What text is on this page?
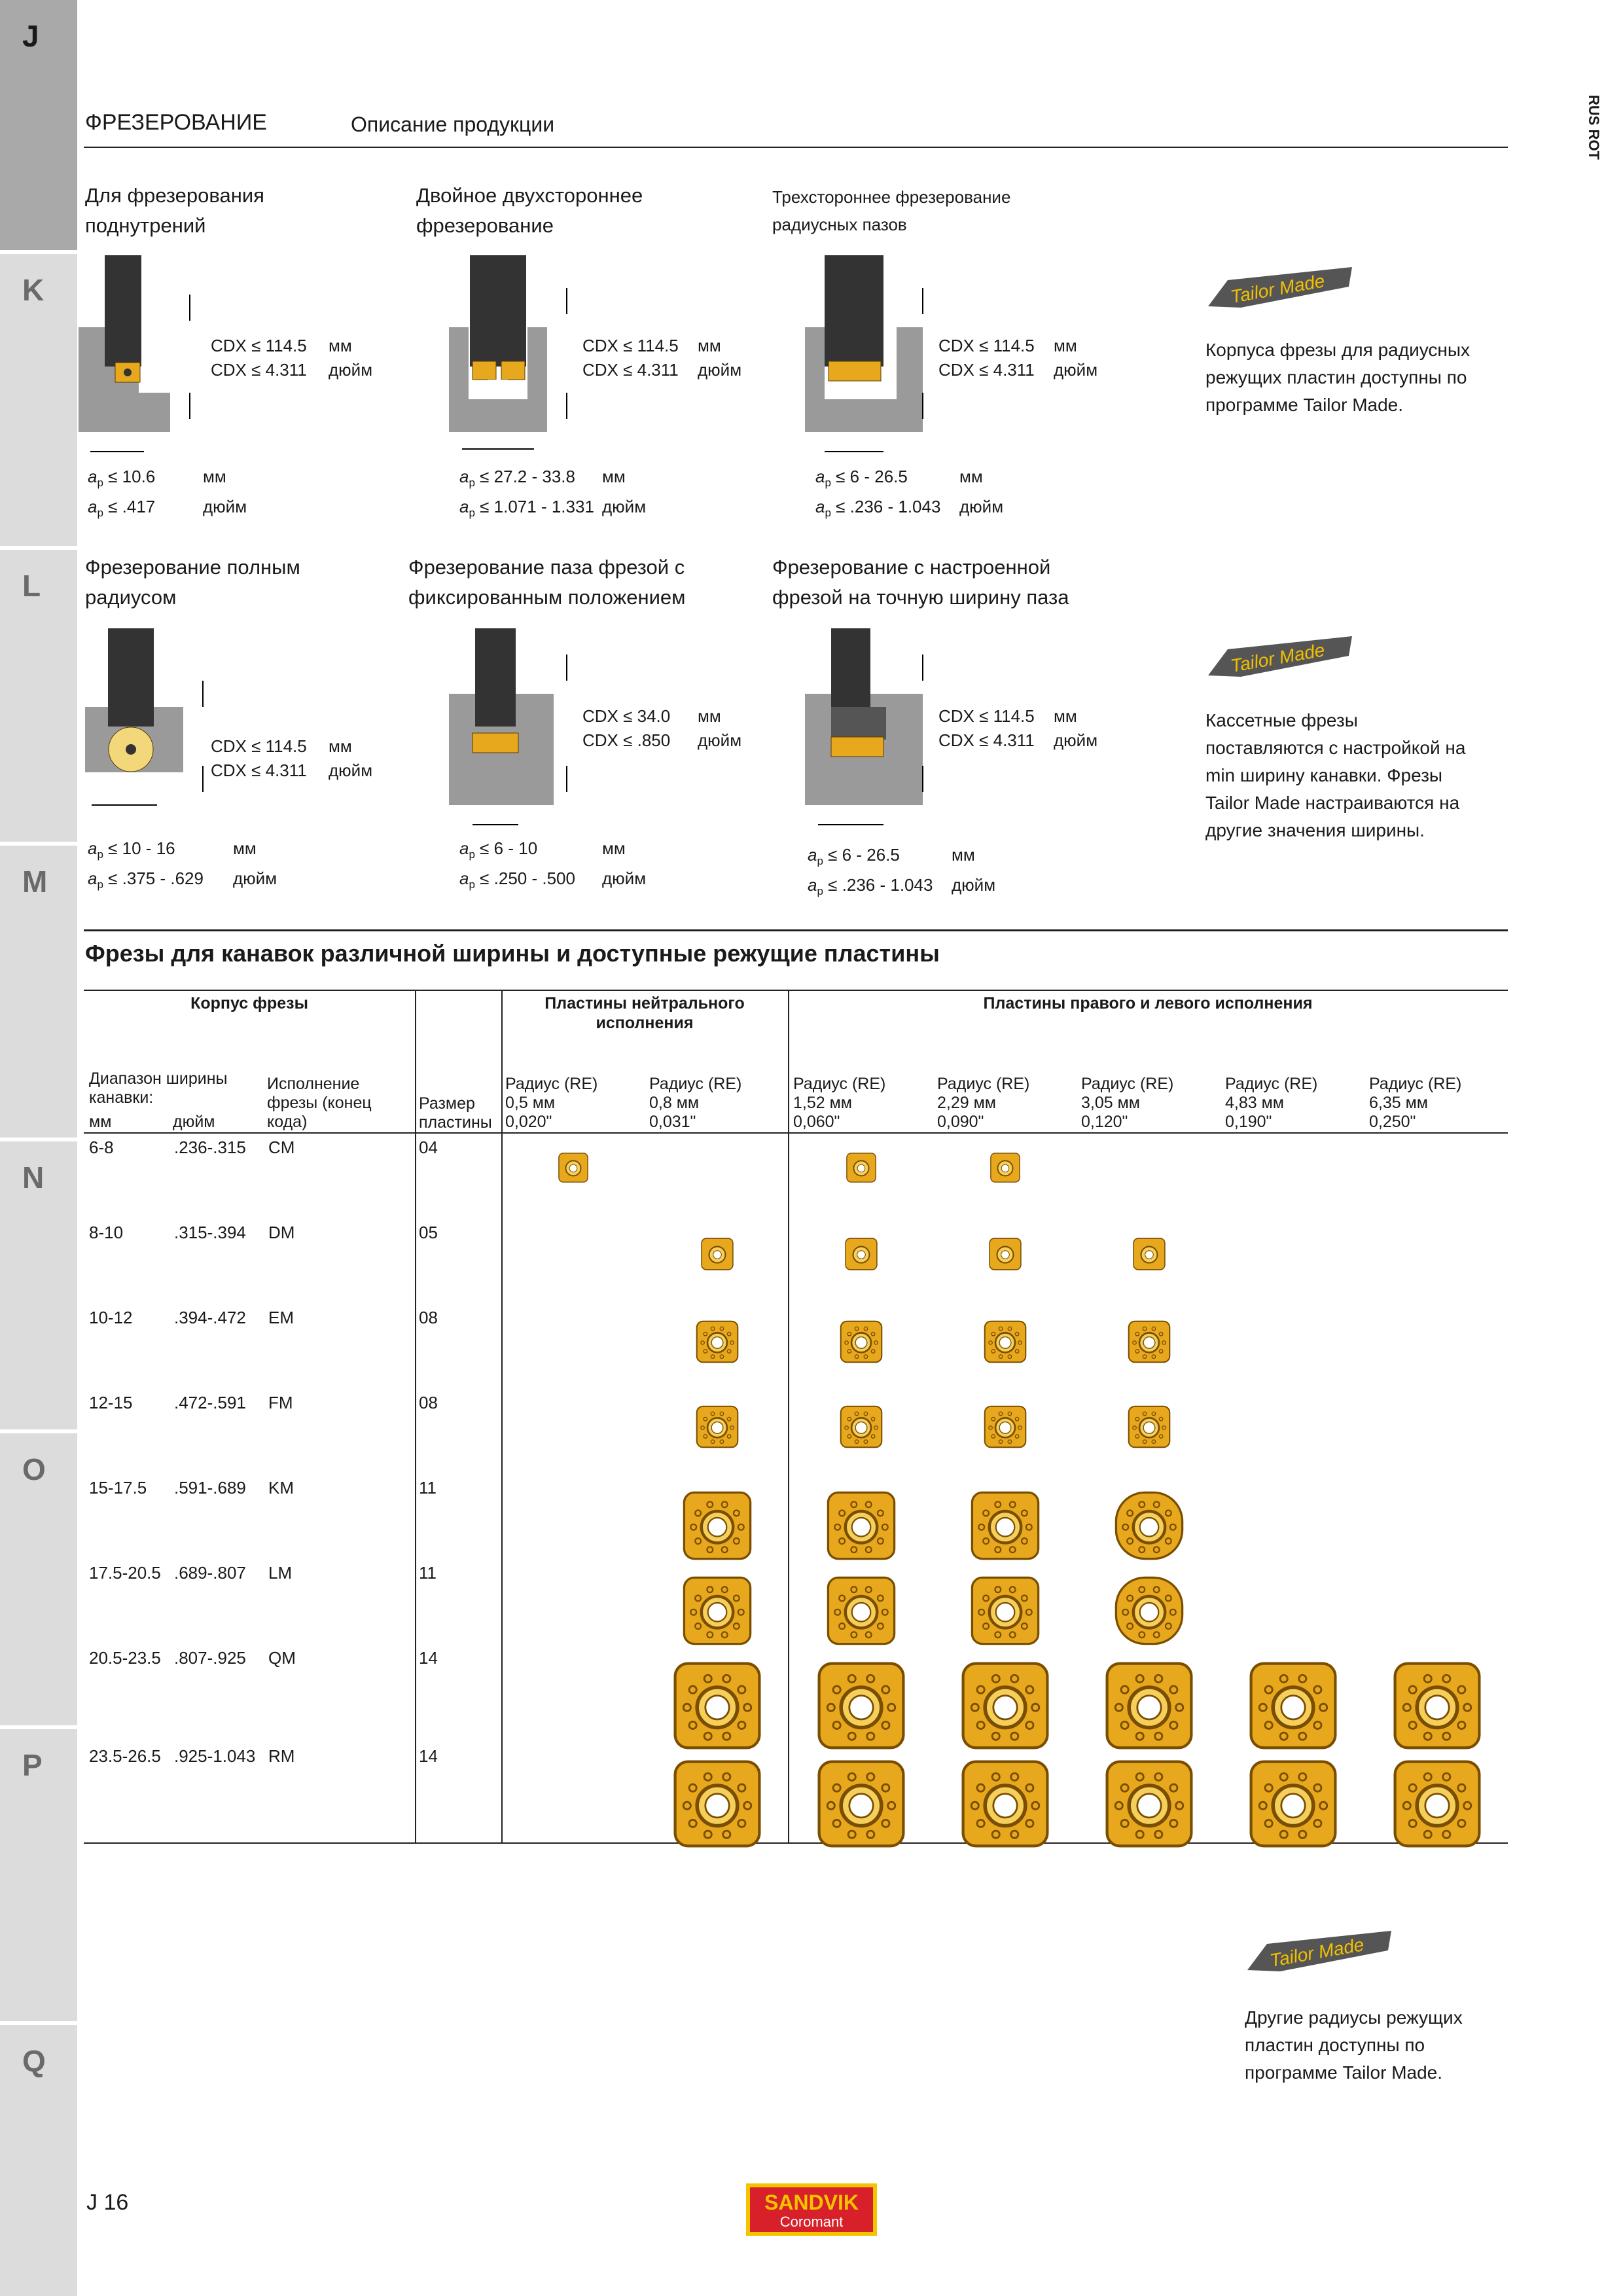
J
K
L
M
N
O
P
Q
RUS ROT
ФРЕЗЕРОВАНИЕ	Описание продукции
Для фрезерования
поднутрений
Двойное двухстороннее
фрезерование
Трехстороннее фрезерование
радиусных пазов
Фрезерование полным
радиусом
Фрезерование паза фрезой с
фиксированным положением
Фрезерование с настроенной
фрезой на точную ширину паза
CDX ≤ 114.5 мм
CDX ≤ 4.311 дюйм
CDX ≤ 114.5 мм
CDX ≤ 4.311 дюйм
CDX ≤ 114.5 мм
CDX ≤ 4.311 дюйм
CDX ≤ 114.5 мм
CDX ≤ 4.311 дюйм
CDX ≤ 34.0 мм
CDX ≤ .850 дюйм
CDX ≤ 114.5 мм
CDX ≤ 4.311 дюйм
$a_p \le 10.6$	мм
$a_p \le .417$	дюйм
$a_p \le 27.2 - 33.8$ мм
$a_p \le 1.071 - 1.331$ дюйм
$a_p \le 6 - 26.5$	мм
$a_p \le .236 - 1.043$ дюйм
$a_p \le 10 - 16$	мм
$a_p \le .375 - .629$ дюйм
$a_p \le 6 - 10$	мм
$a_p \le .250 - .500$ дюйм
$a_p \le 6 - 26.5$	мм
$a_p \le .236 - 1.043$ дюйм
Tailor Made
Корпуса фрезы для радиусных
режущих пластин доступны по
программе Tailor Made.
Tailor Made
Кассетные фрезы
поставляются с настройкой на
min ширину канавки. Фрезы
Tailor Made настраиваются на
другие значения ширины.
Tailor Made
Другие радиусы режущих
пластин доступны по
программе Tailor Made.
Фрезы для канавок различной ширины и доступные режущие пластины
Корпус фрезы	Пластины нейтрального
исполнения
Пластины правого и левого исполнения
Диапазон ширины
канавки:
мм	дюйм
Исполнение
фрезы (конец
кода)
Размер
пластины
Радиус (RE)
0,5 мм
0,020"
Радиус (RE)
0,8 мм
0,031"
Радиус (RE)
1,52 мм
0,060"
Радиус (RE)
2,29 мм
0,090"
Радиус (RE)
3,05 мм
0,120"
Радиус (RE)
4,83 мм
0,190"
Радиус (RE)
6,35 мм
0,250"
6-8	.236-.315 CM	04
8-10	.315-.394 DM	05
10-12 .394-.472 EM	08
12-15 .472-.591 FM	08
15-17.5 .591-.689 KM	11
17.5-20.5 .689-.807 LM	11
20.5-23.5 .807-.925 QM	14
23.5-26.5 .925-1.043 RM	14
J 16	SANDVIK
Coromant
